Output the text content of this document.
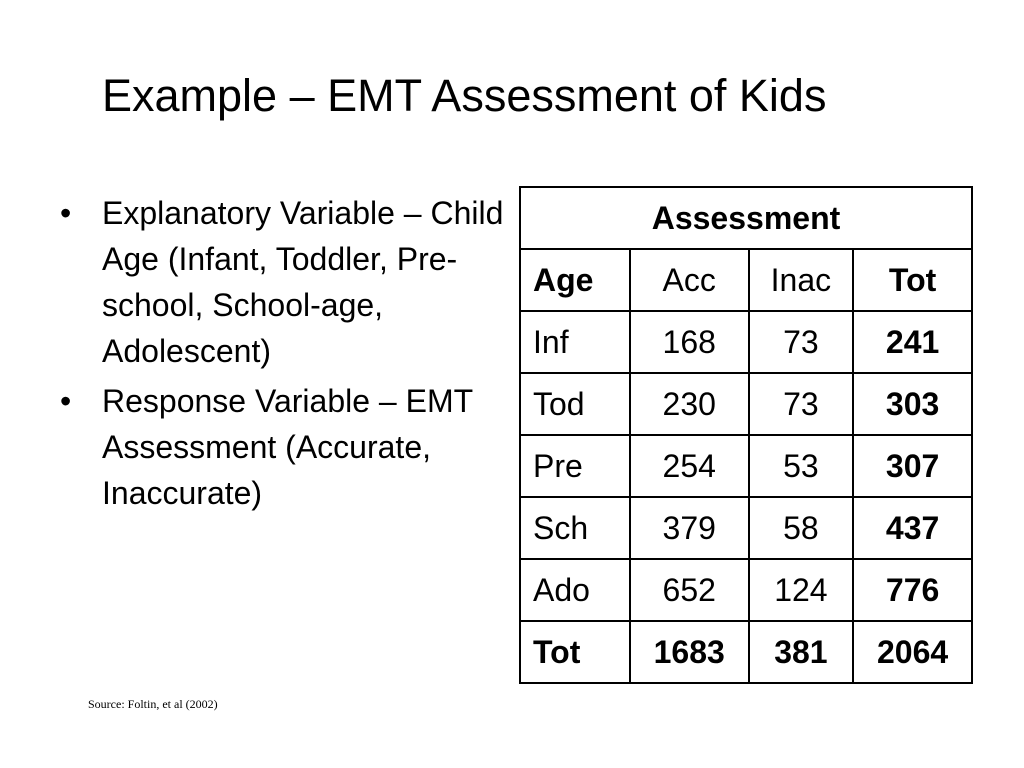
Example – EMT Assessment of Kids
• Explanatory Variable – Child Age (Infant, Toddler, Pre-school, School-age, Adolescent)
• Response Variable – EMT Assessment (Accurate, Inaccurate)
Assessment			
Age	Acc	Inac	Tot
Inf	168	73	241
Tod	230	73	303
Pre	254	53	307
Sch	379	58	437
Ado	652	124	776
Tot	1683	381	2064
Source: Foltin, et al (2002)
